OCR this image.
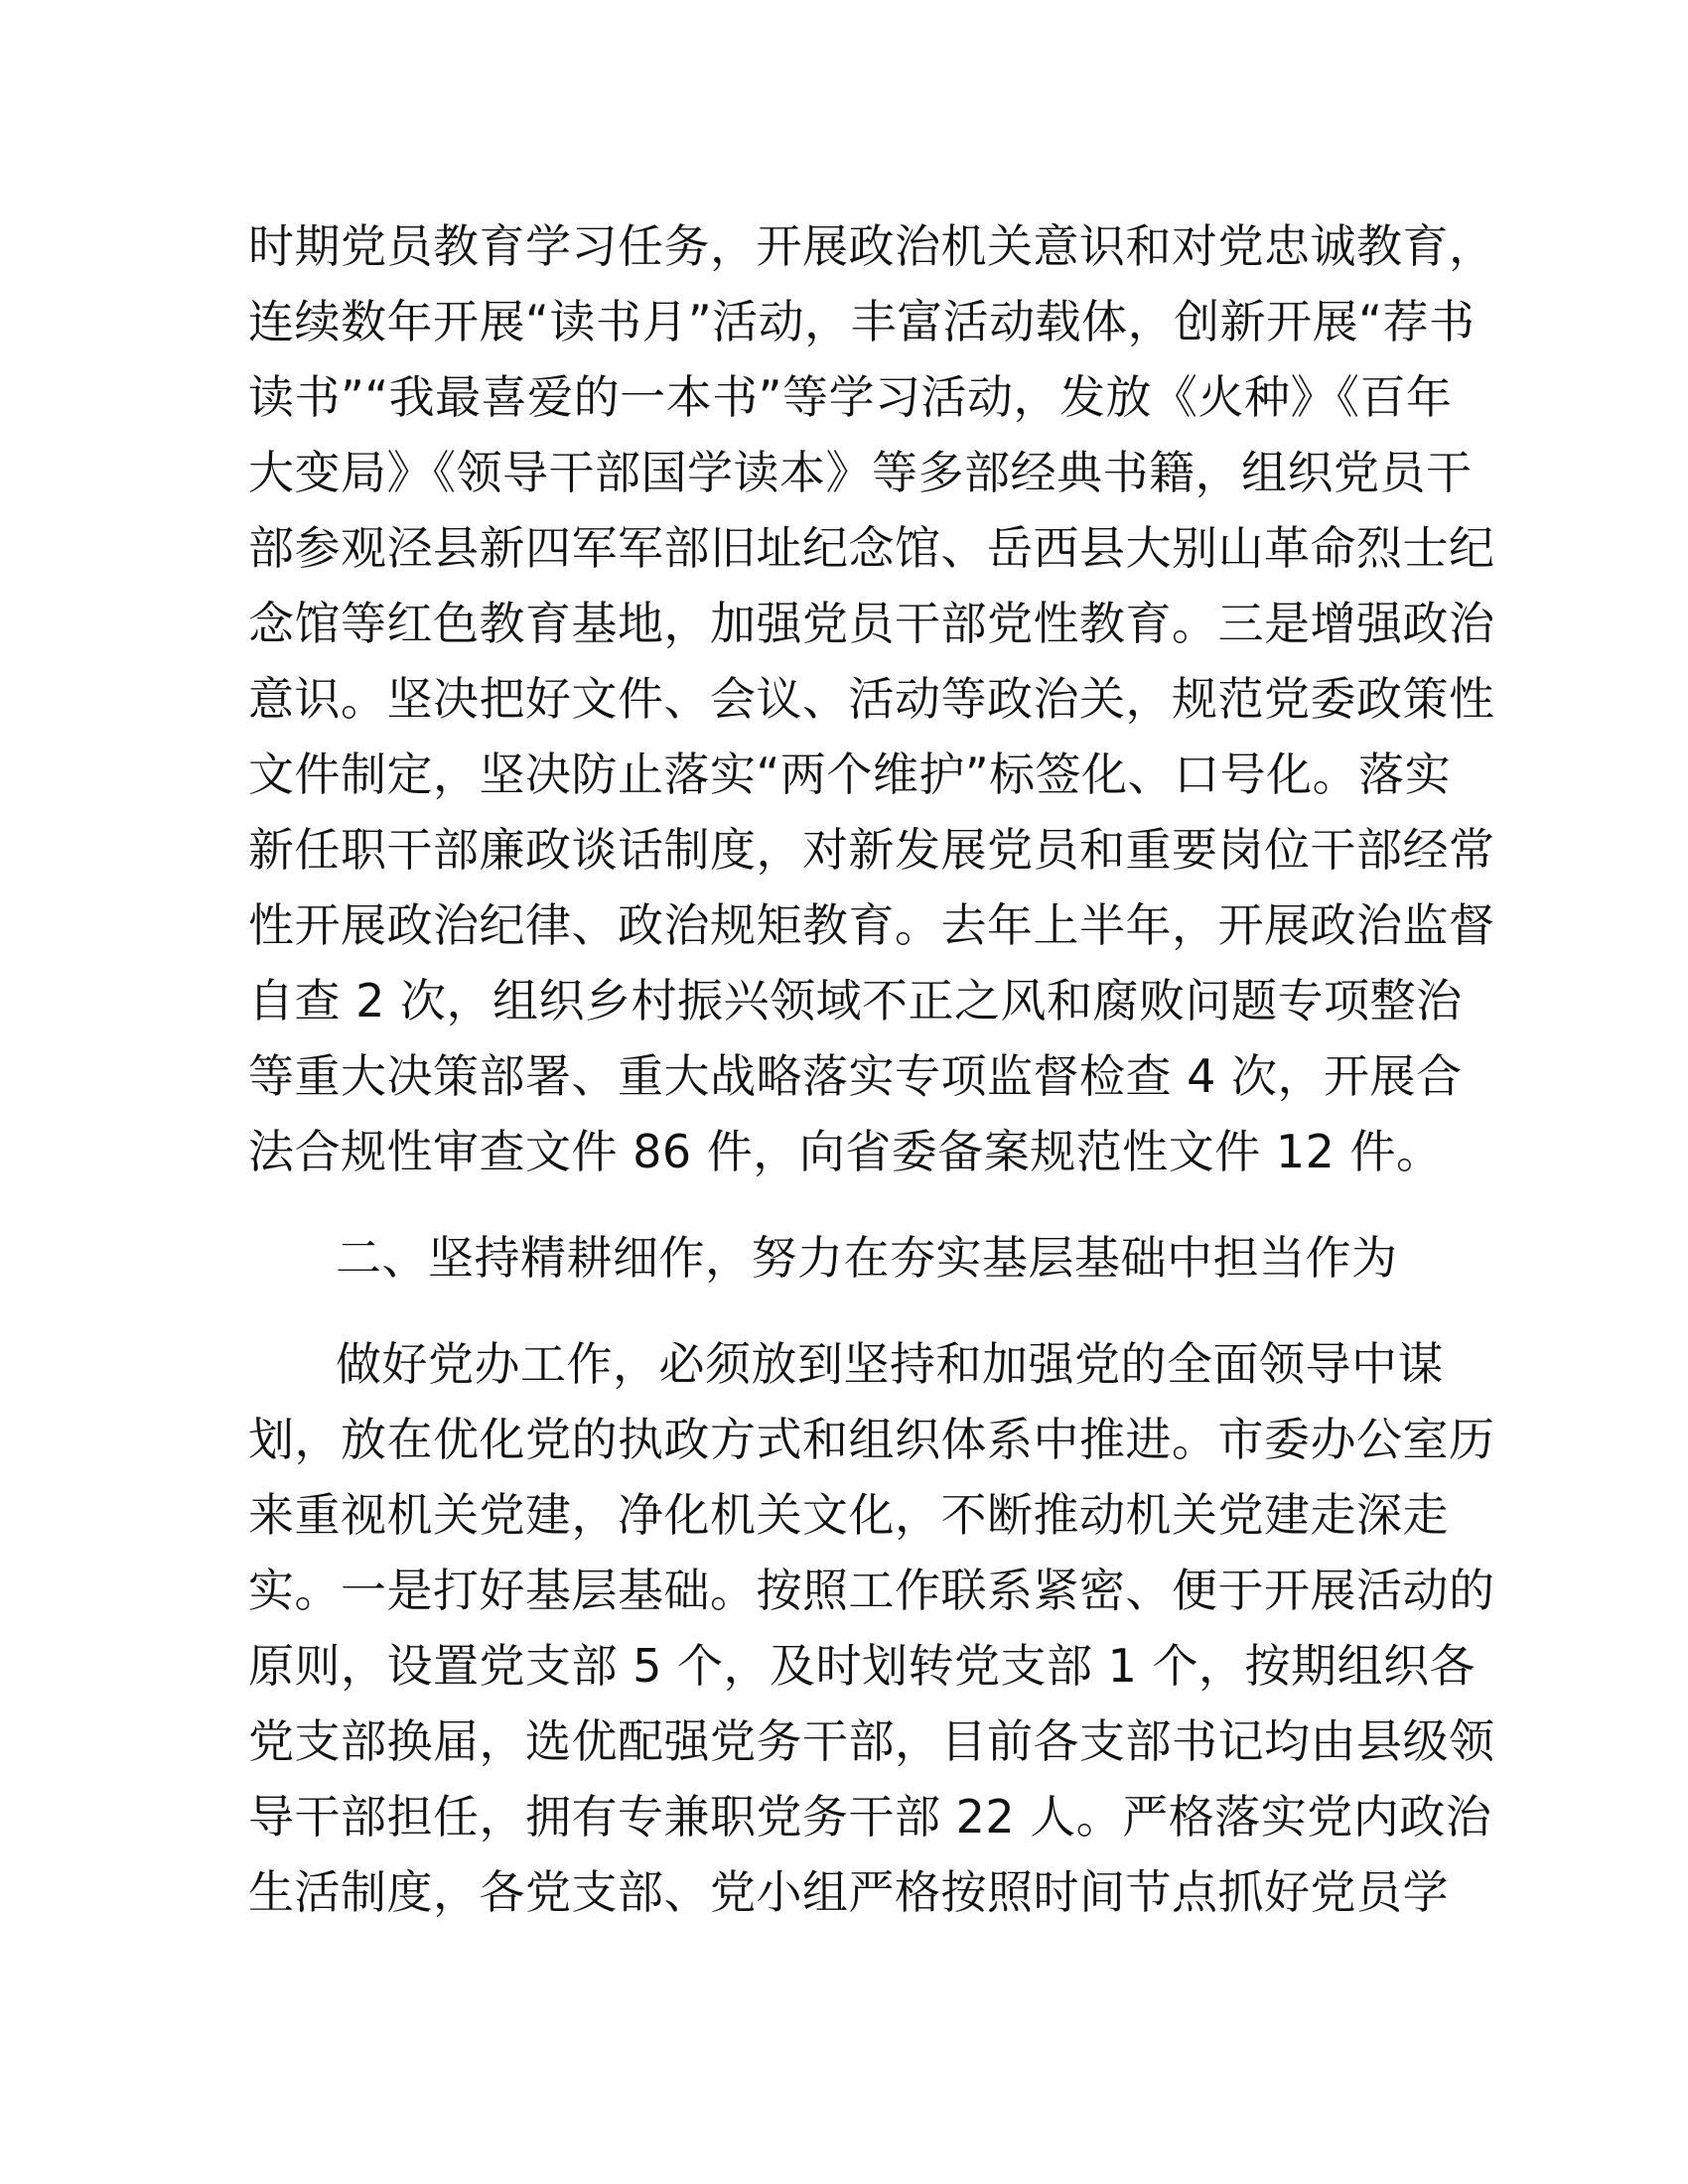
时期党员教育学习任务，开展政治机关意识和对党忠诚教育，
连续数年开展“读书月”活动，丰富活动载体，创新开展“荐书
读书”“我最喜爱的一本书”等学习活动，发放《火种》《百年
大变局》《领导干部国学读本》等多部经典书籍，组织党员干
部参观泾县新四军军部旧址纪念馆、岳西县大别山革命烈士纪
念馆等红色教育基地，加强党员干部党性教育。三是增强政治
意识。坚决把好文件、会议、活动等政治关，规范党委政策性
文件制定，坚决防止落实“两个维护”标签化、口号化。落实
新任职干部廉政谈话制度，对新发展党员和重要岗位干部经常
性开展政治纪律、政治规矩教育。去年上半年，开展政治监督
自查 2 次，组织乡村振兴领域不正之风和腐败问题专项整治
等重大决策部署、重大战略落实专项监督检查 4 次，开展合
法合规性审查文件 86 件，向省委备案规范性文件 12 件。
二、坚持精耕细作，努力在夯实基层基础中担当作为
做好党办工作，必须放到坚持和加强党的全面领导中谋
划，放在优化党的执政方式和组织体系中推进。市委办公室历
来重视机关党建，净化机关文化，不断推动机关党建走深走
实。一是打好基层基础。按照工作联系紧密、便于开展活动的
原则，设置党支部 5 个，及时划转党支部 1 个，按期组织各
党支部换届，选优配强党务干部，目前各支部书记均由县级领
导干部担任，拥有专兼职党务干部 22 人。严格落实党内政治
生活制度，各党支部、党小组严格按照时间节点抓好党员学
